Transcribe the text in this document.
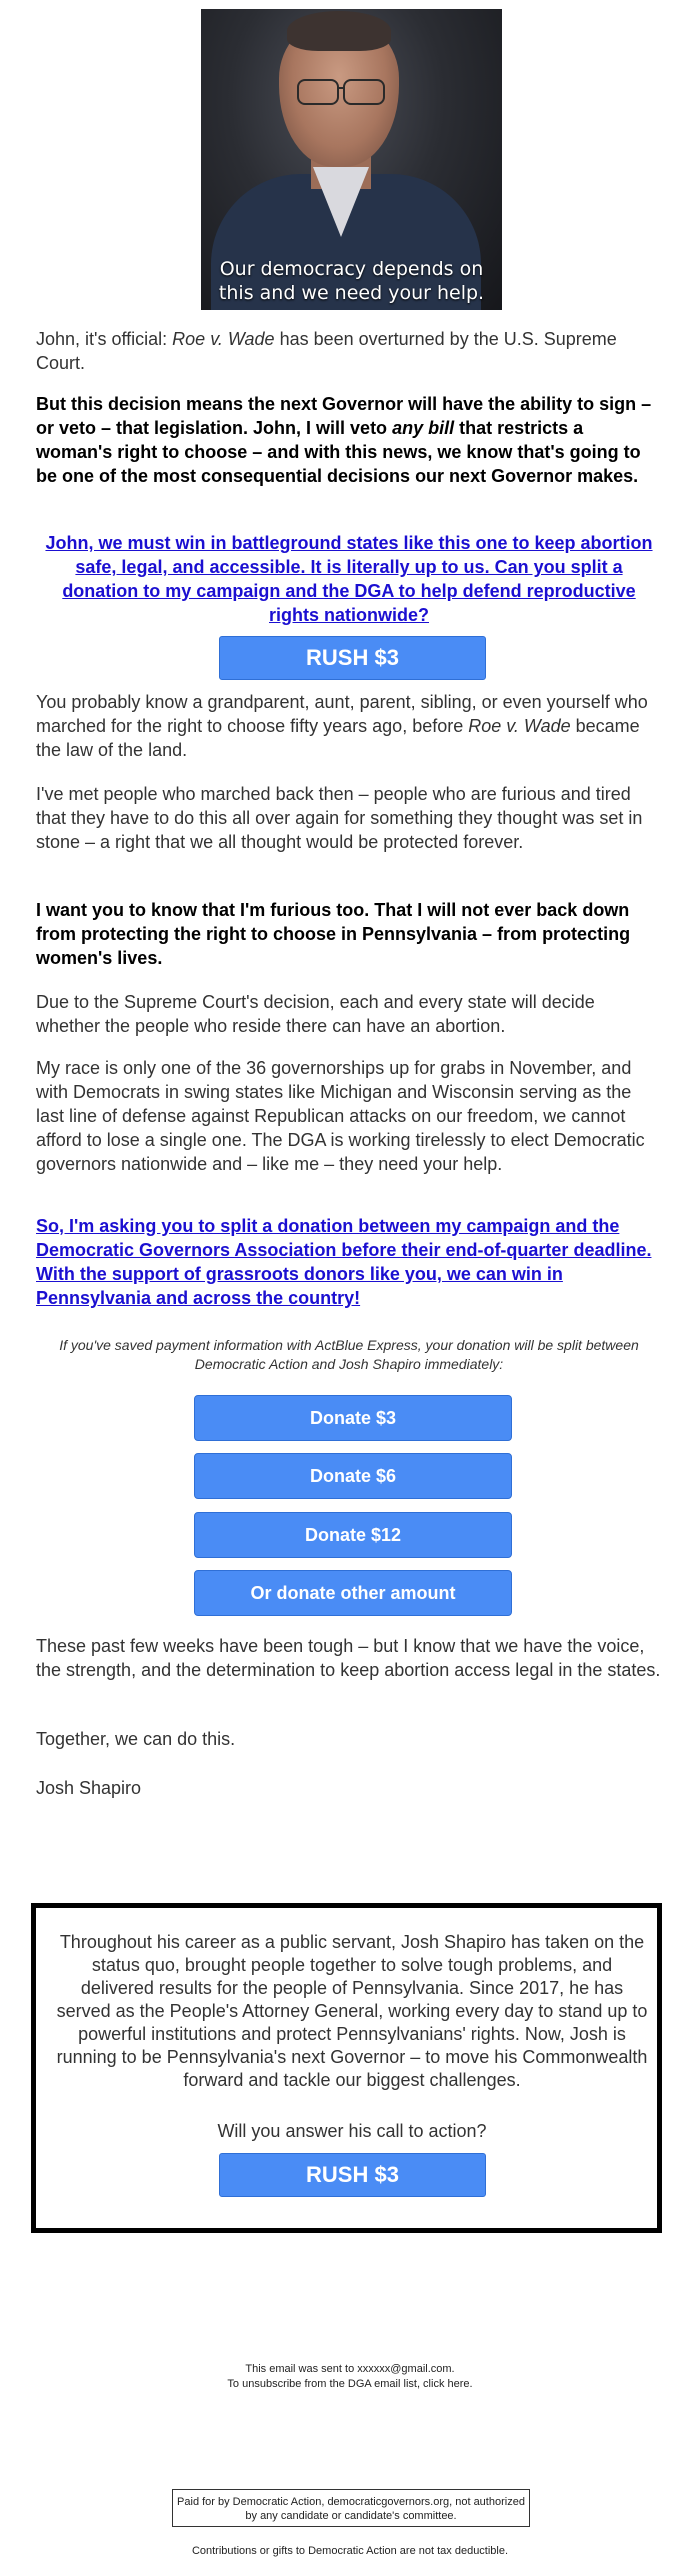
Our democracy depends on
this and we need your help.

John, it's official: Roe v. Wade has been overturned by the U.S. Supreme Court.

But this decision means the next Governor will have the ability to sign – or veto – that legislation. John, I will veto any bill that restricts a woman's right to choose – and with this news, we know that's going to be one of the most consequential decisions our next Governor makes.

John, we must win in battleground states like this one to keep abortion safe, legal, and accessible. It is literally up to us. Can you split a donation to my campaign and the DGA to help defend reproductive rights nationwide?

RUSH $3

You probably know a grandparent, aunt, parent, sibling, or even yourself who marched for the right to choose fifty years ago, before Roe v. Wade became the law of the land.

I've met people who marched back then – people who are furious and tired that they have to do this all over again for something they thought was set in stone – a right that we all thought would be protected forever.

I want you to know that I'm furious too. That I will not ever back down from protecting the right to choose in Pennsylvania – from protecting women's lives.

Due to the Supreme Court's decision, each and every state will decide whether the people who reside there can have an abortion.

My race is only one of the 36 governorships up for grabs in November, and with Democrats in swing states like Michigan and Wisconsin serving as the last line of defense against Republican attacks on our freedom, we cannot afford to lose a single one. The DGA is working tirelessly to elect Democratic governors nationwide and – like me – they need your help.

So, I'm asking you to split a donation between my campaign and the Democratic Governors Association before their end-of-quarter deadline. With the support of grassroots donors like you, we can win in Pennsylvania and across the country!

If you've saved payment information with ActBlue Express, your donation will be split between Democratic Action and Josh Shapiro immediately:

Donate $3
Donate $6
Donate $12
Or donate other amount

These past few weeks have been tough – but I know that we have the voice, the strength, and the determination to keep abortion access legal in the states.

Together, we can do this.

Josh Shapiro

Throughout his career as a public servant, Josh Shapiro has taken on the status quo, brought people together to solve tough problems, and delivered results for the people of Pennsylvania. Since 2017, he has served as the People's Attorney General, working every day to stand up to powerful institutions and protect Pennsylvanians' rights. Now, Josh is running to be Pennsylvania's next Governor – to move his Commonwealth forward and tackle our biggest challenges.

Will you answer his call to action?

RUSH $3

This email was sent to xxxxxx@gmail.com.

To unsubscribe from the DGA email list, click here.

Paid for by Democratic Action, democraticgovernors.org, not authorized by any candidate or candidate's committee.

Contributions or gifts to Democratic Action are not tax deductible.
